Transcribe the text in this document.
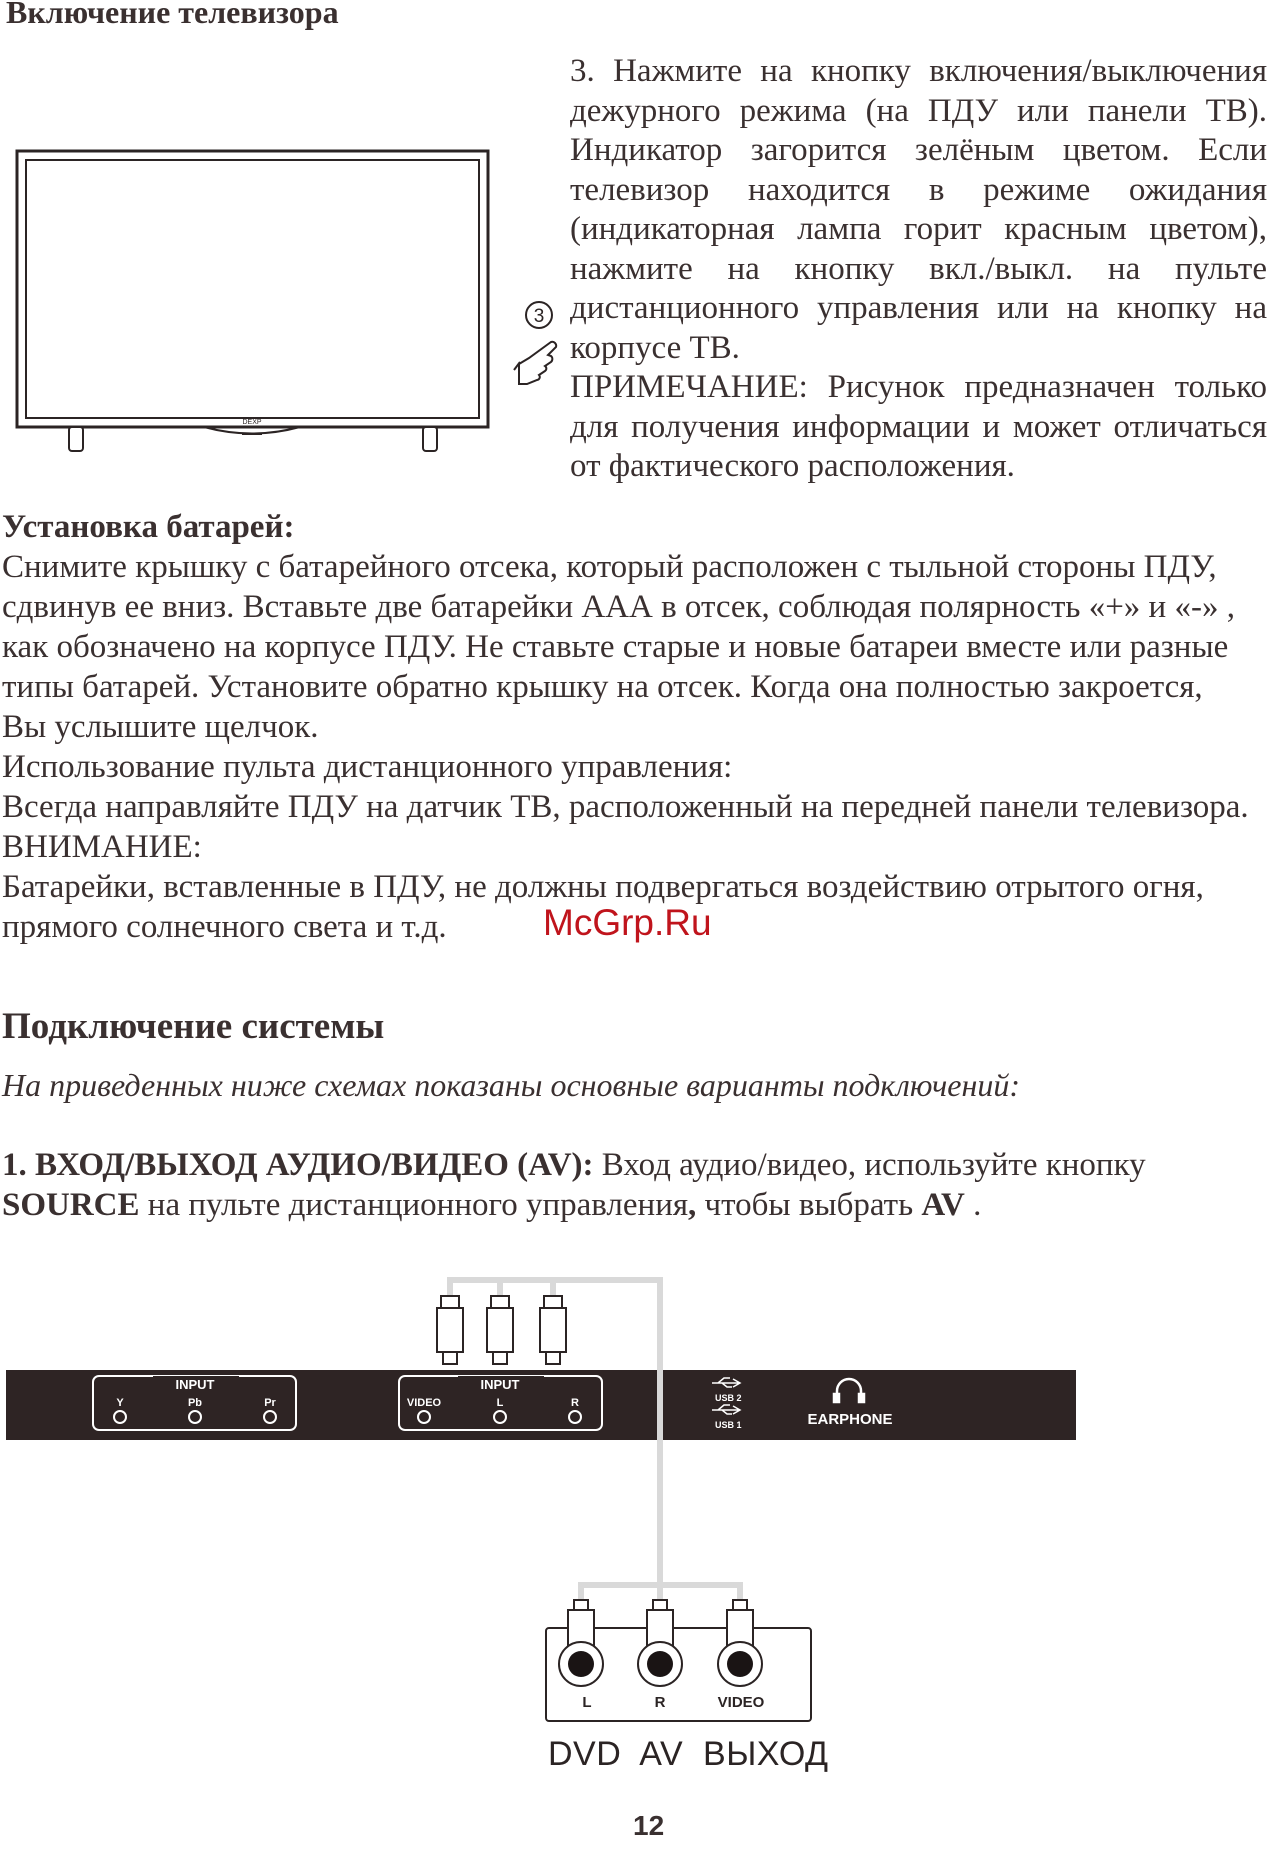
Включение телевизора
DEXP
3

3. Нажмите на кнопку включения/выключения дежурного режима (на ПДУ или панели ТВ). Индикатор загорится зелёным цветом. Если телевизор находится в режиме ожидания (индикаторная лампа горит красным цветом), нажмите на кнопку вкл./выкл. на пульте дистанционного управления или на кнопку на корпусе ТВ.

ПРИМЕЧАНИЕ: Рисунок предназначен только для получения информации и может отличаться от фактического расположения.

Установка батарей:

Снимите крышку с батарейного отсека, который расположен с тыльной стороны ПДУ, сдвинув ее вниз. Вставьте две батарейки ААА в отсек, соблюдая полярность «+» и «-» , как обозначено на корпусе ПДУ. Не ставьте старые и новые батареи вместе или разные типы батарей. Установите обратно крышку на отсек. Когда она полностью закроется, Вы услышите щелчок.

Использование пульта дистанционного управления:

Всегда направляйте ПДУ на датчик ТВ, расположенный на передней панели телевизора.

ВНИМАНИЕ:

Батарейки, вставленные в ПДУ, не должны подвергаться воздействию отрытого огня, прямого солнечного света и т.д.	McGrp.Ru
Подключение системы
На приведенных ниже схемах показаны основные варианты подключений:
1. ВХОД/ВЫХОД АУДИО/ВИДЕО (AV): Вход аудио/видео, используйте кнопку SOURCE на пульте дистанционного управления, чтобы выбрать AV .
INPUT
Y	Pb	Pr
INPUT
VIDEO	L	R	USB 2
USB 1	EARPHONE
L	R	VIDEO
DVD  AV  ВЫХОД
12
